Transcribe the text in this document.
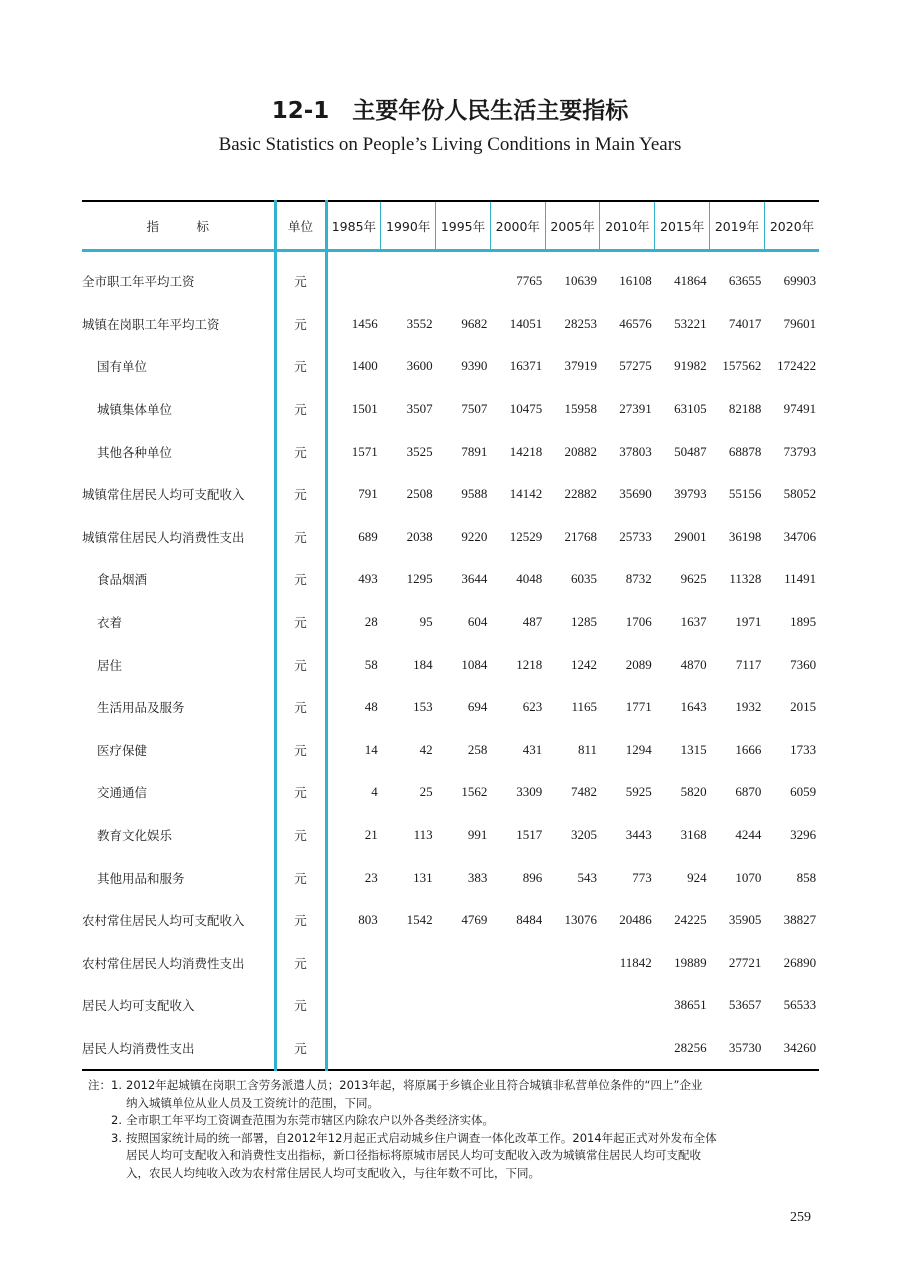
12-1　主要年份人民生活主要指标
Basic Statistics on People’s Living Conditions in Main Years
指　　　标	单位	1985年	1990年	1995年	2000年	2005年	2010年	2015年	2019年	2020年
全市职工年平均工资	元				7765	10639	16108	41864	63655	69903
城镇在岗职工年平均工资	元	1456	3552	9682	14051	28253	46576	53221	74017	79601
国有单位	元	1400	3600	9390	16371	37919	57275	91982	157562	172422
城镇集体单位	元	1501	3507	7507	10475	15958	27391	63105	82188	97491
其他各种单位	元	1571	3525	7891	14218	20882	37803	50487	68878	73793
城镇常住居民人均可支配收入	元	791	2508	9588	14142	22882	35690	39793	55156	58052
城镇常住居民人均消费性支出	元	689	2038	9220	12529	21768	25733	29001	36198	34706
食品烟酒	元	493	1295	3644	4048	6035	8732	9625	11328	11491
衣着	元	28	95	604	487	1285	1706	1637	1971	1895
居住	元	58	184	1084	1218	1242	2089	4870	7117	7360
生活用品及服务	元	48	153	694	623	1165	1771	1643	1932	2015
医疗保健	元	14	42	258	431	811	1294	1315	1666	1733
交通通信	元	4	25	1562	3309	7482	5925	5820	6870	6059
教育文化娱乐	元	21	113	991	1517	3205	3443	3168	4244	3296
其他用品和服务	元	23	131	383	896	543	773	924	1070	858
农村常住居民人均可支配收入	元	803	1542	4769	8484	13076	20486	24225	35905	38827
农村常住居民人均消费性支出	元						11842	19889	27721	26890
居民人均可支配收入	元							38651	53657	56533
居民人均消费性支出	元							28256	35730	34260
注：1. 2012年起城镇在岗职工含劳务派遣人员；2013年起，将原属于乡镇企业且符合城镇非私营单位条件的“四上”企业
纳入城镇单位从业人员及工资统计的范围，下同。
2. 全市职工年平均工资调查范围为东莞市辖区内除农户以外各类经济实体。
3. 按照国家统计局的统一部署，自2012年12月起正式启动城乡住户调查一体化改革工作。2014年起正式对外发布全体
居民人均可支配收入和消费性支出指标，新口径指标将原城市居民人均可支配收入改为城镇常住居民人均可支配收
入，农民人均纯收入改为农村常住居民人均可支配收入，与往年数不可比，下同。
259
